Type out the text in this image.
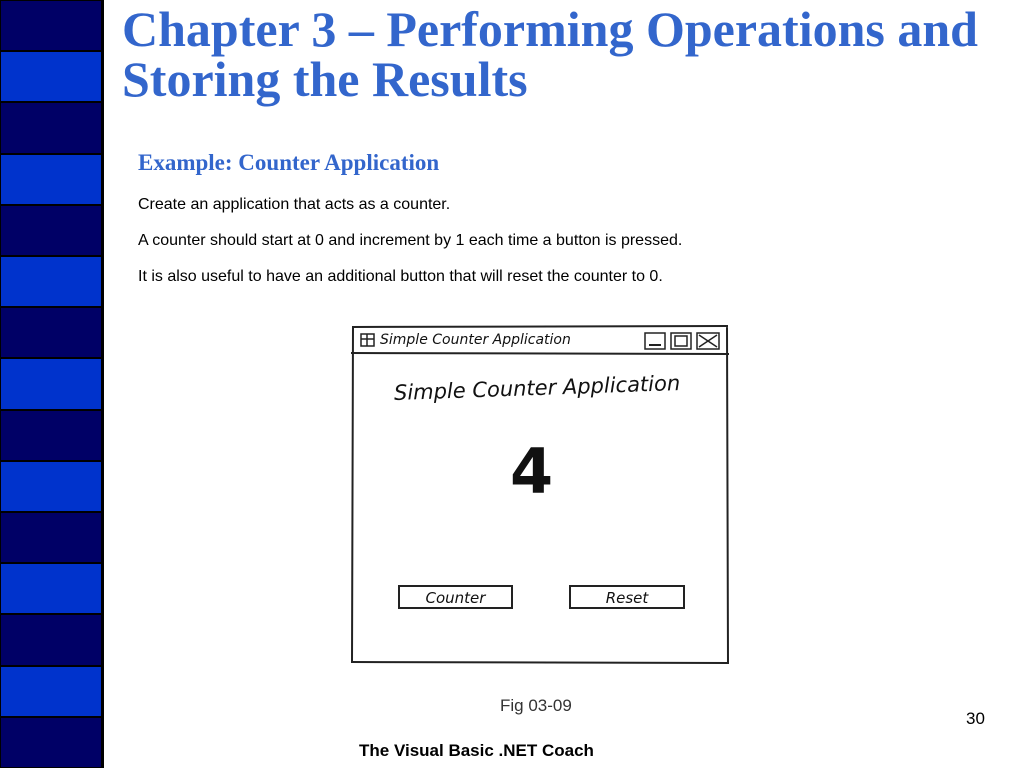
Chapter 3 – Performing Operations and Storing the Results
Example: Counter Application

Create an application that acts as a counter.

A counter should start at 0 and increment by 1 each time a button is pressed.

It is also useful to have an additional button that will reset the counter to 0.

Simple Counter Application
Simple Counter Application
4
Counter	Reset

Fig 03-09

30

The Visual Basic .NET Coach
